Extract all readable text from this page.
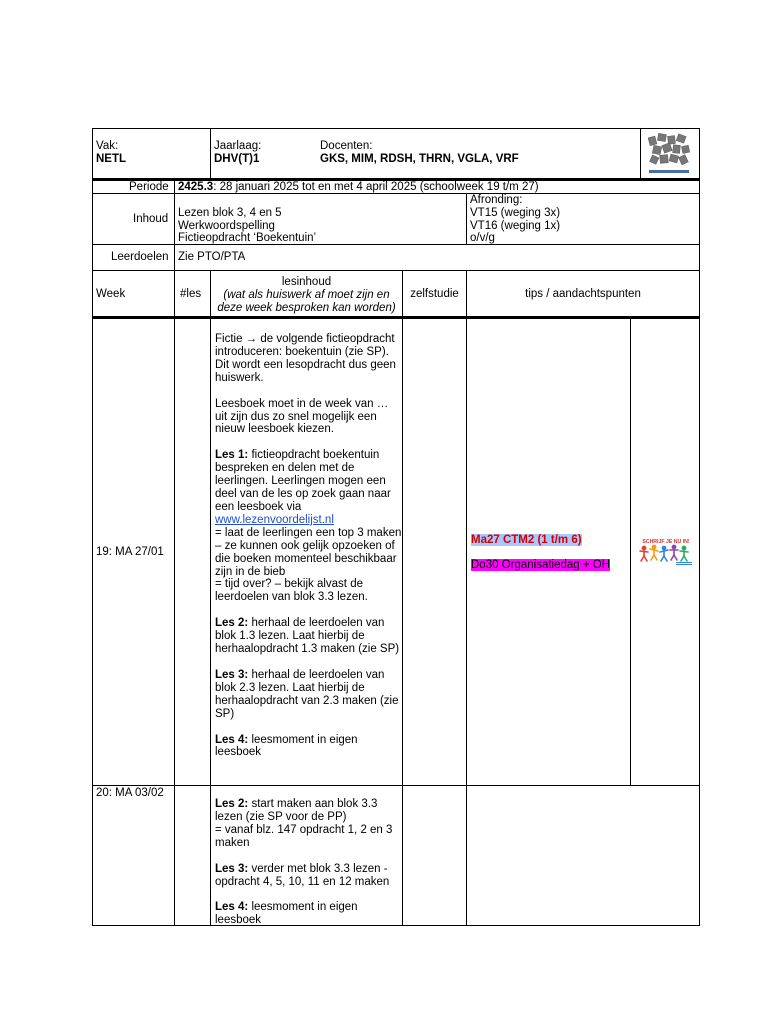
Vak:
NETL
Jaarlaag:
DHV(T)1
Docenten:
GKS, MIM, RDSH, THRN, VGLA, VRF
Periode 2425.3: 28 januari 2025 tot en met 4 april 2025 (schoolweek 19 t/m 27)
Inhoud Lezen blok 3, 4 en 5
Werkwoordspelling
Fictieopdracht ‘Boekentuin’
Afronding:
VT15 (weging 3x)
VT16 (weging 1x)
o/v/g
Leerdoelen Zie PTO/PTA
Week	#les
lesinhoud
(wat als huiswerk af moet zijn en
deze week besproken kan worden)
zelfstudie	tips / aandachtspunten
19: MA 27/01

Fictie → de volgende fictieopdracht introduceren: boekentuin (zie SP). Dit wordt een lesopdracht dus geen huiswerk.

Leesboek moet in de week van … uit zijn dus zo snel mogelijk een nieuw leesboek kiezen.

Les 1: fictieopdracht boekentuin bespreken en delen met de leerlingen. Leerlingen mogen een deel van de les op zoek gaan naar een leesboek via
www.lezenvoordelijst.nl
= laat de leerlingen een top 3 maken – ze kunnen ook gelijk opzoeken of die boeken momenteel beschikbaar zijn in de bieb
= tijd over? – bekijk alvast de leerdoelen van blok 3.3 lezen.

Les 2: herhaal de leerdoelen van blok 1.3 lezen. Laat hierbij de herhaalopdracht 1.3 maken (zie SP)

Les 3: herhaal de leerdoelen van blok 2.3 lezen. Laat hierbij de herhaalopdracht van 2.3 maken (zie SP)

Les 4: leesmoment in eigen leesboek

Ma27 CTM2 (1 t/m 6)
Do30 Organisatiedag + OH
SCHRIJF JE NU IN!
20: MA 03/02

Les 2: start maken aan blok 3.3 lezen (zie SP voor de PP)
= vanaf blz. 147 opdracht 1, 2 en 3 maken

Les 3: verder met blok 3.3 lezen - opdracht 4, 5, 10, 11 en 12 maken

Les 4: leesmoment in eigen leesboek
